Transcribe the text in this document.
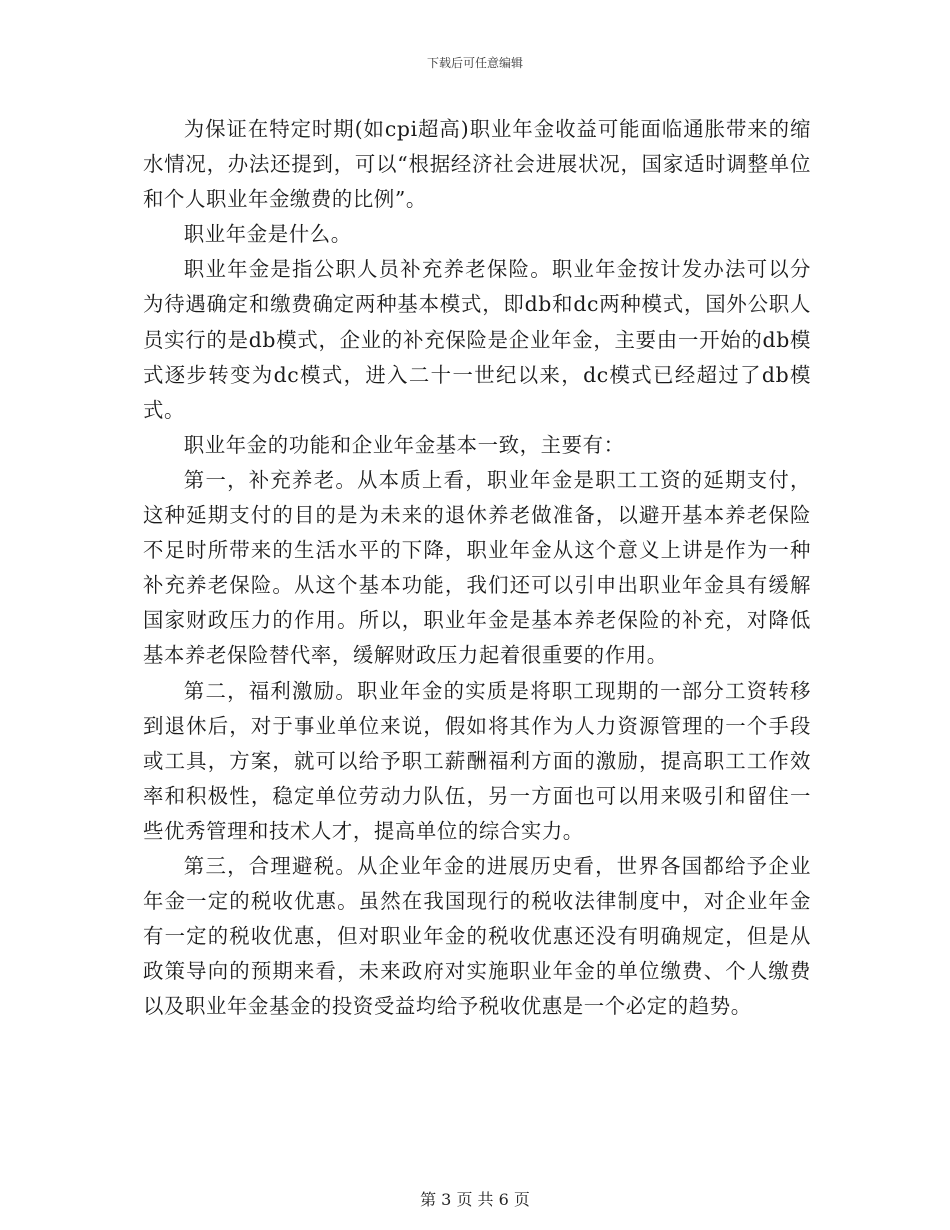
下载后可任意编辑

为保证在特定时期(如cpi超高)职业年金收益可能面临通胀带来的缩水情况，办法还提到，可以“根据经济社会进展状况，国家适时调整单位和个人职业年金缴费的比例”。

职业年金是什么。

职业年金是指公职人员补充养老保险。职业年金按计发办法可以分为待遇确定和缴费确定两种基本模式，即db和dc两种模式，国外公职人员实行的是db模式，企业的补充保险是企业年金，主要由一开始的db模式逐步转变为dc模式，进入二十一世纪以来，dc模式已经超过了db模式。

职业年金的功能和企业年金基本一致，主要有：

第一，补充养老。从本质上看，职业年金是职工工资的延期支付，这种延期支付的目的是为未来的退休养老做准备，以避开基本养老保险不足时所带来的生活水平的下降，职业年金从这个意义上讲是作为一种补充养老保险。从这个基本功能，我们还可以引申出职业年金具有缓解国家财政压力的作用。所以，职业年金是基本养老保险的补充，对降低基本养老保险替代率，缓解财政压力起着很重要的作用。

第二，福利激励。职业年金的实质是将职工现期的一部分工资转移到退休后，对于事业单位来说，假如将其作为人力资源管理的一个手段或工具，方案，就可以给予职工薪酬福利方面的激励，提高职工工作效率和积极性，稳定单位劳动力队伍，另一方面也可以用来吸引和留住一些优秀管理和技术人才，提高单位的综合实力。

第三，合理避税。从企业年金的进展历史看，世界各国都给予企业年金一定的税收优惠。虽然在我国现行的税收法律制度中，对企业年金有一定的税收优惠，但对职业年金的税收优惠还没有明确规定，但是从政策导向的预期来看，未来政府对实施职业年金的单位缴费、个人缴费以及职业年金基金的投资受益均给予税收优惠是一个必定的趋势。

第 3 页 共 6 页
